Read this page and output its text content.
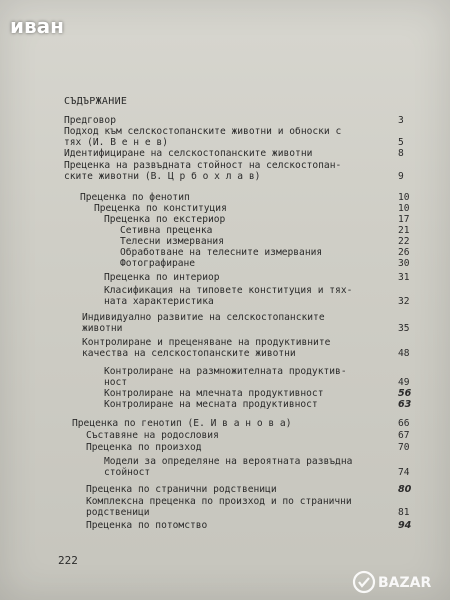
иван
СЪДЪРЖАНИЕ
Предговор	3
Подход към селскостопанските животни и обноски с
тях (И. В е н е в)	5
Идентифициране на селскостопанските животни	8
Преценка на развъдната стойност на селскостопан-
ските животни (В. Ц р б о х л а в)	9
Преценка по фенотип	10
Преценка по конституция	10
Преценка по екстериор	17
Сетивна преценка	21
Телесни измервания	22
Обработване на телесните измервания	26
Фотографиране	30
Преценка по интериор	31
Класификация на типовете конституция и тях-
ната характеристика	32
Индивидуално развитие на селскостопанските
животни	35
Контролиране и преценяване на продуктивните
качества на селскостопанските животни	48
Контролиране на размножителната продуктив-
ност	49
Контролиране на млечната продуктивност	56
Контролиране на месната продуктивност	63
Преценка по генотип (Е. И в а н о в а)	66
Съставяне на родословия	67
Преценка по произход	70
Модели за определяне на вероятната развъдна
стойност	74
Преценка по странични родственици	80
Комплексна преценка по произход и по странични
родственици	81
Преценка по потомство	94
222
BAZAR
